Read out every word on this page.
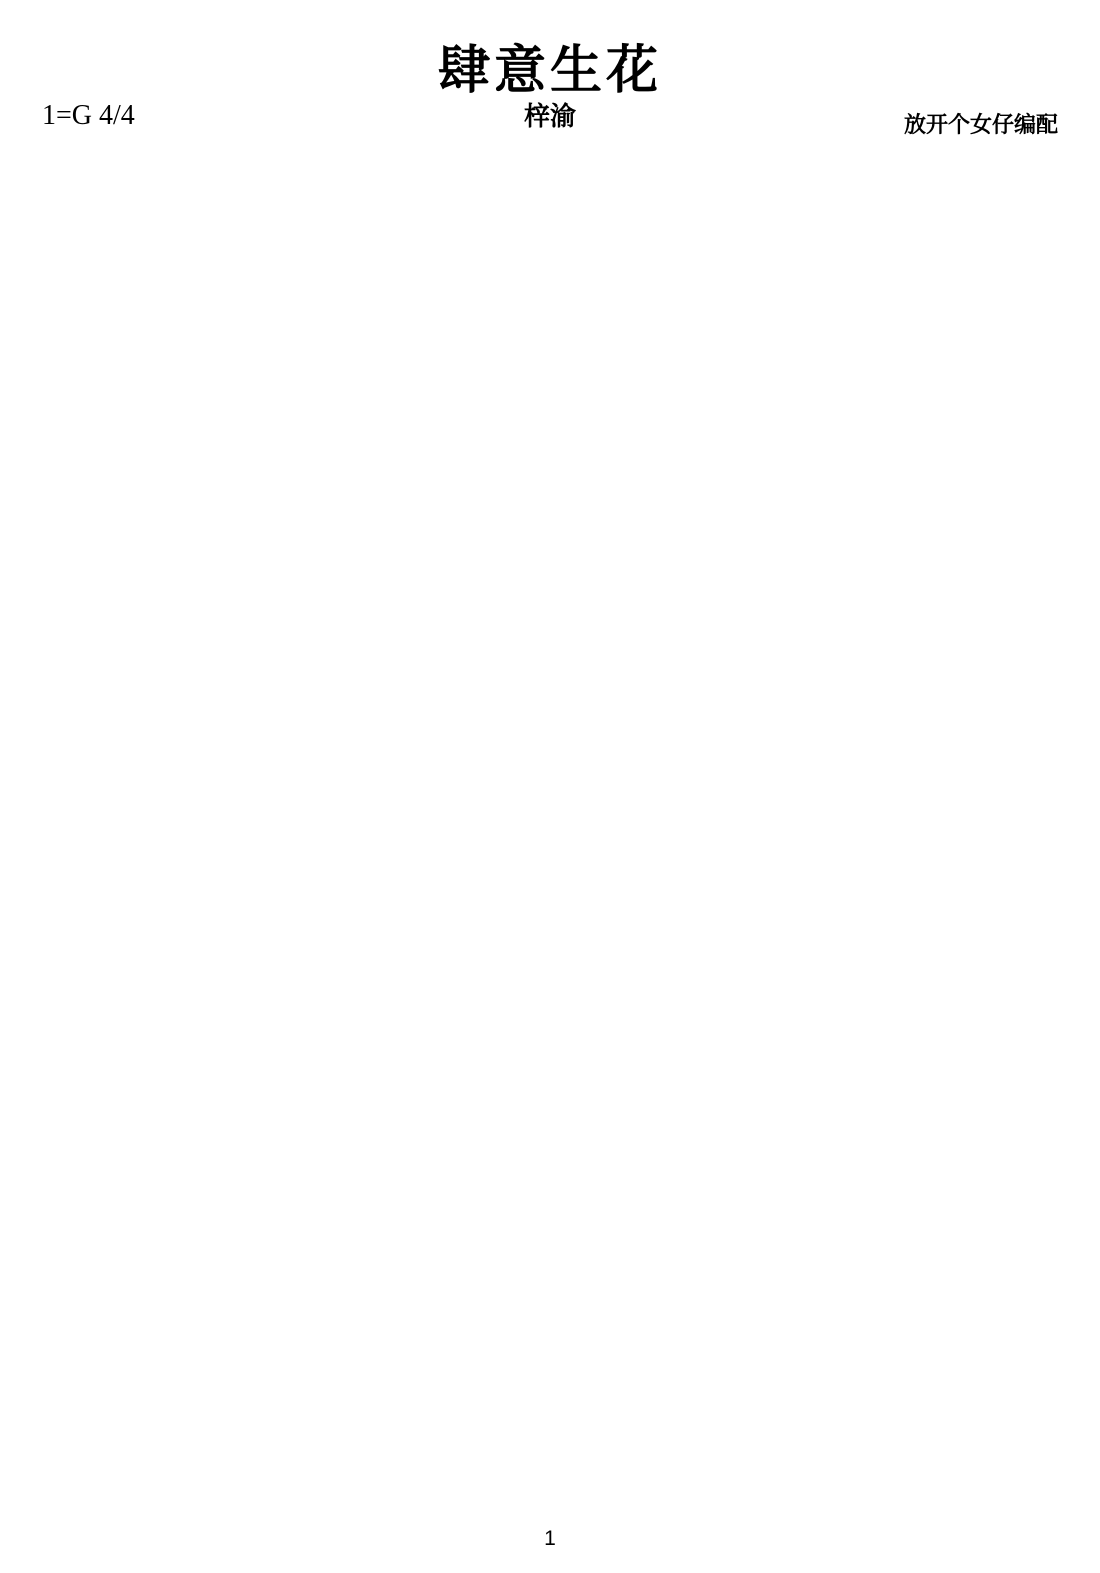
肆意生花
梓渝
1=G 4/4	放开个女仔编配
1
